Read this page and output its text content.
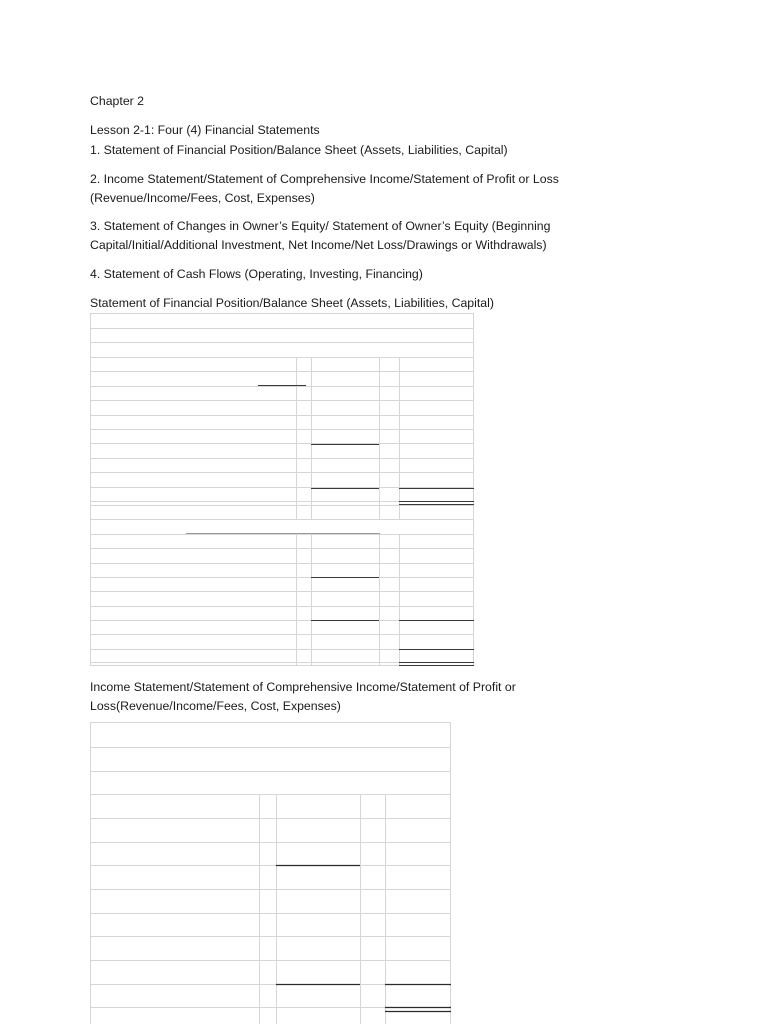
Chapter 2

Lesson 2-1: Four (4) Financial Statements

1. Statement of Financial Position/Balance Sheet (Assets, Liabilities, Capital)

2. Income Statement/Statement of Comprehensive Income/Statement of Profit or Loss (Revenue/Income/Fees, Cost, Expenses)

3. Statement of Changes in Owner’s Equity/ Statement of Owner’s Equity (Beginning Capital/Initial/Additional Investment, Net Income/Net Loss/Drawings or Withdrawals)

4. Statement of Cash Flows (Operating, Investing, Financing)

Statement of Financial Position/Balance Sheet (Assets, Liabilities, Capital)

Income Statement/Statement of Comprehensive Income/Statement of Profit or Loss(Revenue/Income/Fees, Cost, Expenses)
